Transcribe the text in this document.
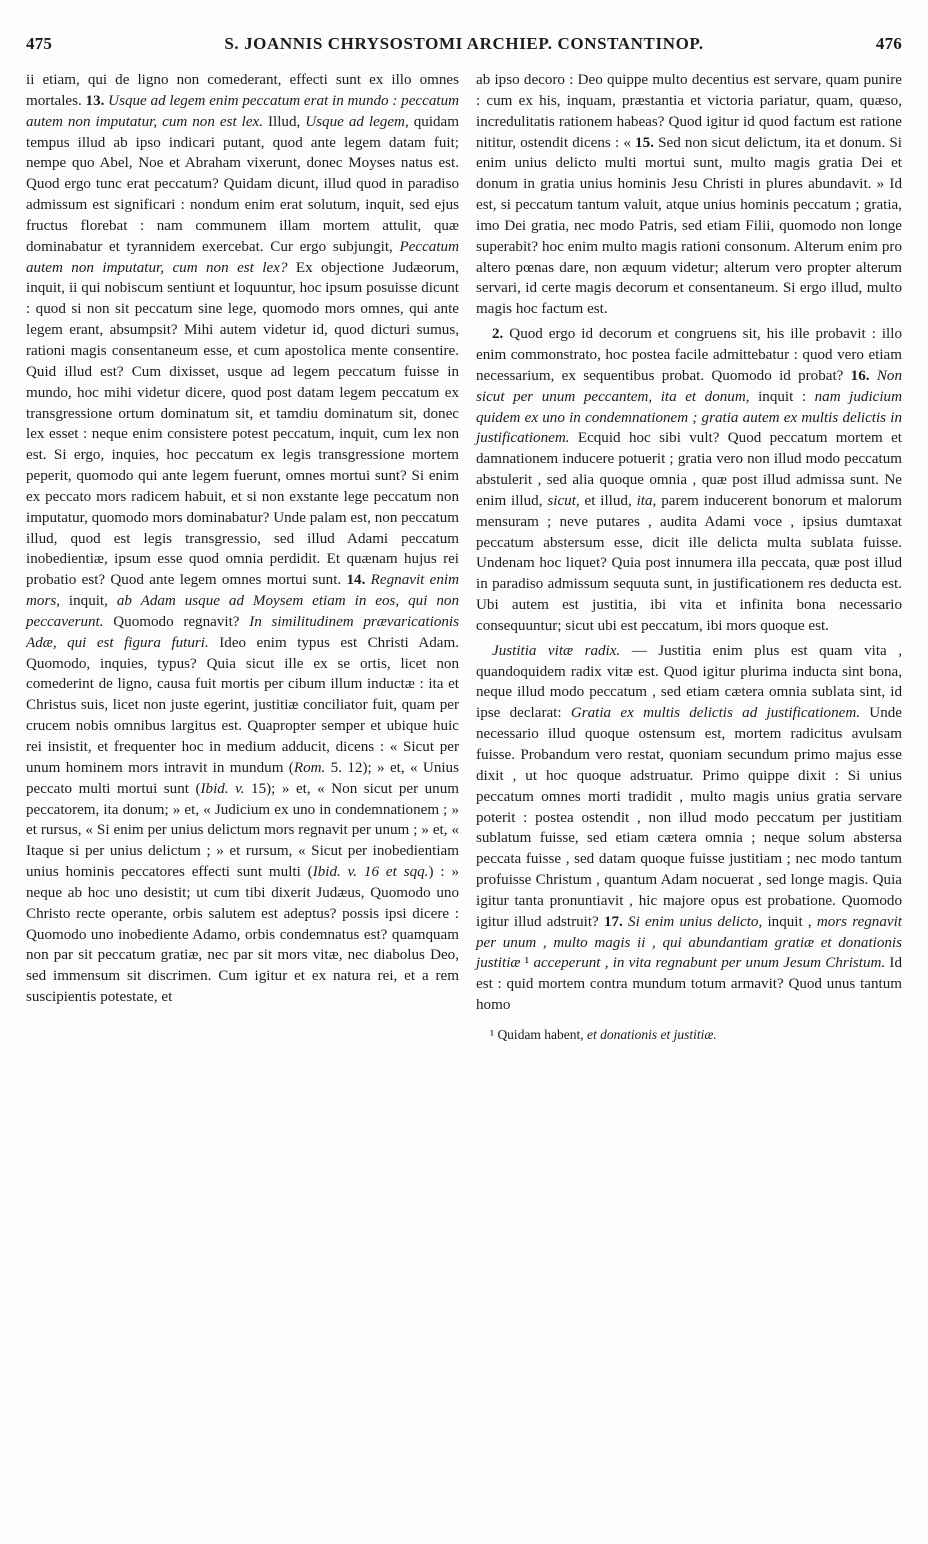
475	S. JOANNIS CHRYSOSTOMI ARCHIEP. CONSTANTINOP.	476

ii etiam, qui de ligno non comederant, effecti sunt ex illo omnes mortales. 13. Usque ad legem enim peccatum erat in mundo : peccatum autem non imputatur, cum non est lex. Illud, Usque ad legem, quidam tempus illud ab ipso indicari putant, quod ante legem datam fuit; nempe quo Abel, Noe et Abraham vixerunt, donec Moyses natus est. Quod ergo tunc erat peccatum? Quidam dicunt, illud quod in paradiso admissum est significari : nondum enim erat solutum, inquit, sed ejus fructus florebat : nam communem illam mortem attulit, quæ dominabatur et tyrannidem exercebat. Cur ergo subjungit, Peccatum autem non imputatur, cum non est lex? Ex objectione Judæorum, inquit, ii qui nobiscum sentiunt et loquuntur, hoc ipsum posuisse dicunt : quod si non sit peccatum sine lege, quomodo mors omnes, qui ante legem erant, absumpsit? Mihi autem videtur id, quod dicturi sumus, rationi magis consentaneum esse, et cum apostolica mente consentire. Quid illud est? Cum dixisset, usque ad legem peccatum fuisse in mundo, hoc mihi videtur dicere, quod post datam legem peccatum ex transgressione ortum dominatum sit, et tamdiu dominatum sit, donec lex esset : neque enim consistere potest peccatum, inquit, cum lex non est. Si ergo, inquies, hoc peccatum ex legis transgressione mortem peperit, quomodo qui ante legem fuerunt, omnes mortui sunt? Si enim ex peccato mors radicem habuit, et si non exstante lege peccatum non imputatur, quomodo mors dominabatur? Unde palam est, non peccatum illud, quod est legis transgressio, sed illud Adami peccatum inobedientiæ, ipsum esse quod omnia perdidit. Et quænam hujus rei probatio est? Quod ante legem omnes mortui sunt. 14. Regnavit enim mors, inquit, ab Adam usque ad Moysem etiam in eos, qui non peccaverunt. Quomodo regnavit? In similitudinem prævaricationis Adæ, qui est figura futuri. Ideo enim typus est Christi Adam. Quomodo, inquies, typus? Quia sicut ille ex se ortis, licet non comederint de ligno, causa fuit mortis per cibum illum inductæ : ita et Christus suis, licet non juste egerint, justitiæ conciliator fuit, quam per crucem nobis omnibus largitus est. Quapropter semper et ubique huic rei insistit, et frequenter hoc in medium adducit, dicens : « Sicut per unum hominem mors intravit in mundum (Rom. 5. 12); » et, « Unius peccato multi mortui sunt (Ibid. v. 15); » et, « Non sicut per unum peccatorem, ita donum; » et, « Judicium ex uno in condemnationem ; » et rursus, « Si enim per unius delictum mors regnavit per unum ; » et, « Itaque si per unius delictum ; » et rursum, « Sicut per inobedientiam unius hominis peccatores effecti sunt multi (Ibid. v. 16 et sqq.) : » neque ab hoc uno desistit; ut cum tibi dixerit Judæus, Quomodo uno Christo recte operante, orbis salutem est adeptus? possis ipsi dicere : Quomodo uno inobediente Adamo, orbis condemnatus est? quamquam non par sit peccatum gratiæ, nec par sit mors vitæ, nec diabolus Deo, sed immensum sit discrimen. Cum igitur et ex natura rei, et a rem suscipientis potestate, et

ab ipso decoro : Deo quippe multo decentius est servare, quam punire : cum ex his, inquam, præstantia et victoria pariatur, quam, quæso, incredulitatis rationem habeas? Quod igitur id quod factum est ratione nititur, ostendit dicens : « 15. Sed non sicut delictum, ita et donum. Si enim unius delicto multi mortui sunt, multo magis gratia Dei et donum in gratia unius hominis Jesu Christi in plures abundavit. » Id est, si peccatum tantum valuit, atque unius hominis peccatum ; gratia, imo Dei gratia, nec modo Patris, sed etiam Filii, quomodo non longe superabit? hoc enim multo magis rationi consonum. Alterum enim pro altero pœnas dare, non æquum videtur; alterum vero propter alterum servari, id certe magis decorum et consentaneum. Si ergo illud, multo magis hoc factum est.

2. Quod ergo id decorum et congruens sit, his ille probavit : illo enim commonstrato, hoc postea facile admittebatur : quod vero etiam necessarium, ex sequentibus probat. Quomodo id probat? 16. Non sicut per unum peccantem, ita et donum, inquit : nam judicium quidem ex uno in condemnationem ; gratia autem ex multis delictis in justificationem. Ecquid hoc sibi vult? Quod peccatum mortem et damnationem inducere potuerit ; gratia vero non illud modo peccatum abstulerit , sed alia quoque omnia , quæ post illud admissa sunt. Ne enim illud, sicut, et illud, ita, parem inducerent bonorum et malorum mensuram ; neve putares , audita Adami voce , ipsius dumtaxat peccatum abstersum esse, dicit ille delicta multa sublata fuisse. Undenam hoc liquet? Quia post innumera illa peccata, quæ post illud in paradiso admissum sequuta sunt, in justificationem res deducta est. Ubi autem est justitia, ibi vita et infinita bona necessario consequuntur; sicut ubi est peccatum, ibi mors quoque est.

Justitia vitæ radix. — Justitia enim plus est quam vita , quandoquidem radix vitæ est. Quod igitur plurima inducta sint bona, neque illud modo peccatum , sed etiam cætera omnia sublata sint, id ipse declarat: Gratia ex multis delictis ad justificationem. Unde necessario illud quoque ostensum est, mortem radicitus avulsam fuisse. Probandum vero restat, quoniam secundum primo majus esse dixit , ut hoc quoque adstruatur. Primo quippe dixit : Si unius peccatum omnes morti tradidit , multo magis unius gratia servare poterit : postea ostendit , non illud modo peccatum per justitiam sublatum fuisse, sed etiam cætera omnia ; neque solum abstersa peccata fuisse , sed datam quoque fuisse justitiam ; nec modo tantum profuisse Christum , quantum Adam nocuerat , sed longe magis. Quia igitur tanta pronuntiavit , hic majore opus est probatione. Quomodo igitur illud adstruit? 17. Si enim unius delicto, inquit , mors regnavit per unum , multo magis ii , qui abundantiam gratiæ et donationis justitiæ ¹ acceperunt , in vita regnabunt per unum Jesum Christum. Id est : quid mortem contra mundum totum armavit? Quod unus tantum homo

¹ Quidam habent, et donationis et justitiæ.
